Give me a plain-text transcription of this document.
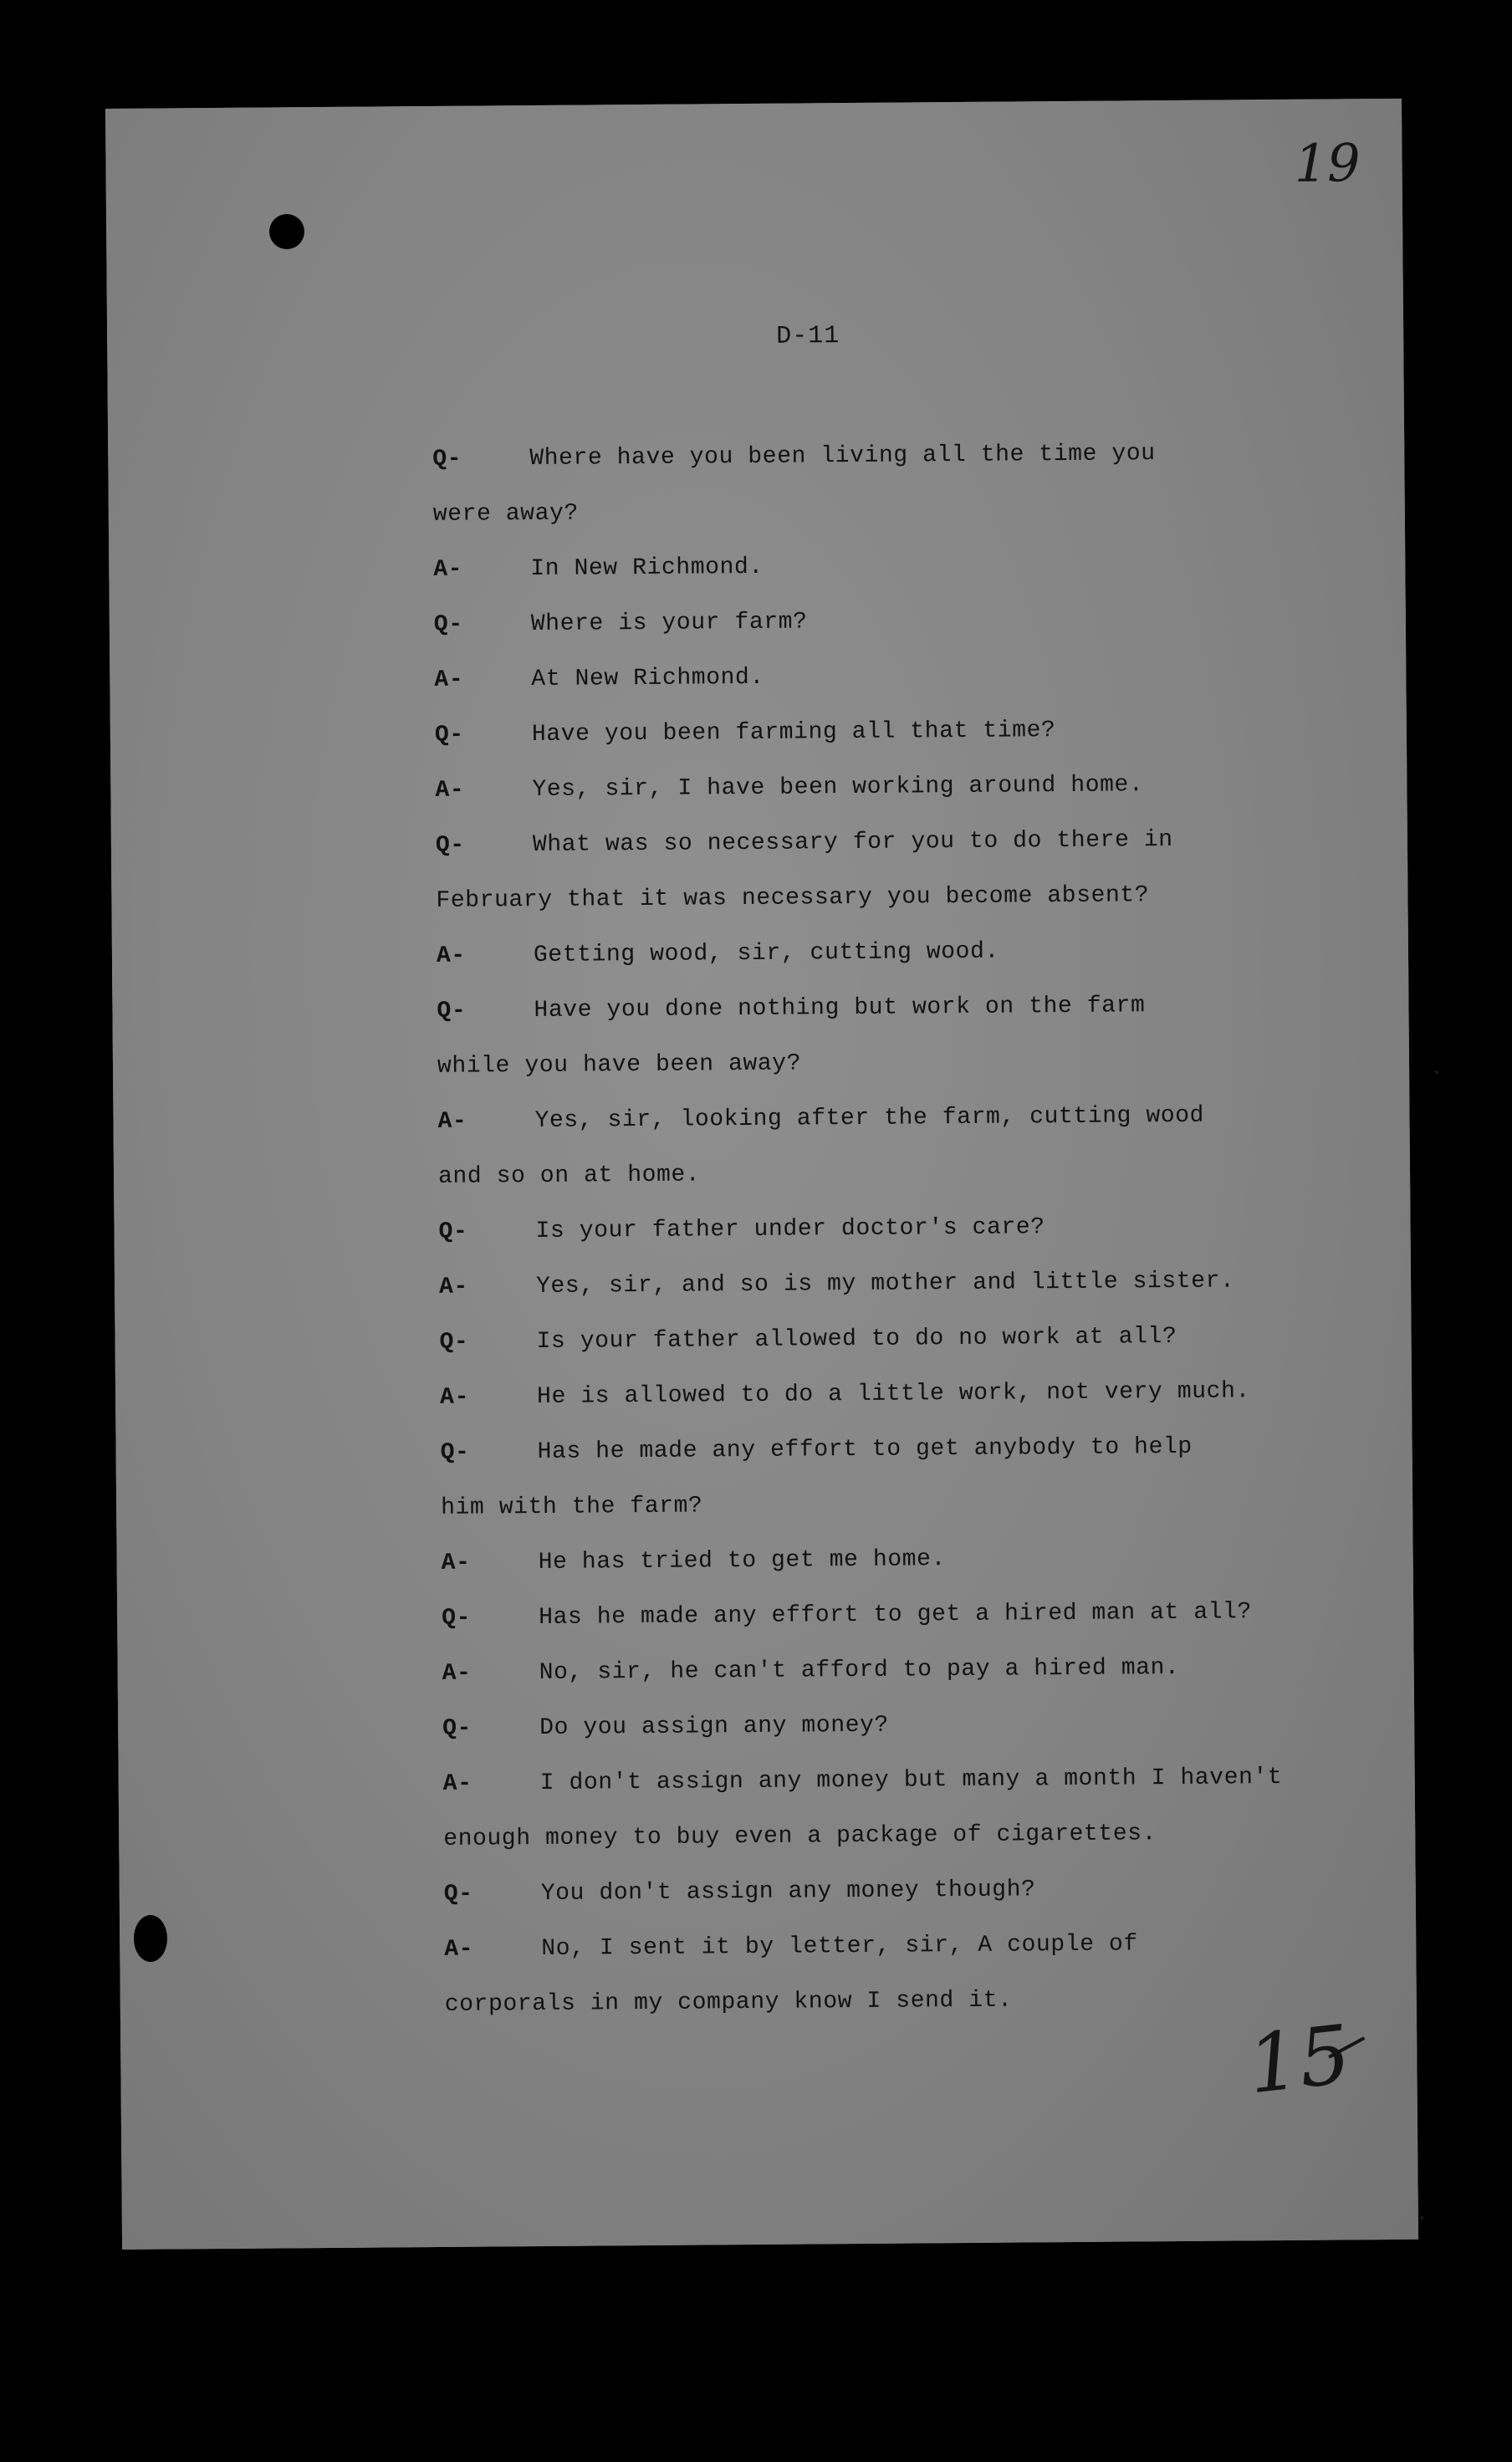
19
D-11
Q-	Where have you been living all the time you
were away?
A-	In New Richmond.
Q-	Where is your farm?
A-	At New Richmond.
Q-	Have you been farming all that time?
A-	Yes, sir, I have been working around home.
Q-	What was so necessary for you to do there in
February that it was necessary you become absent?
A-	Getting wood, sir, cutting wood.
Q-	Have you done nothing but work on the farm
while you have been away?
A-	Yes, sir, looking after the farm, cutting wood
and so on at home.
Q-	Is your father under doctor's care?
A-	Yes, sir, and so is my mother and little sister.
Q-	Is your father allowed to do no work at all?
A-	He is allowed to do a little work, not very much.
Q-	Has he made any effort to get anybody to help
him with the farm?
A-	He has tried to get me home.
Q-	Has he made any effort to get a hired man at all?
A-	No, sir, he can't afford to pay a hired man.
Q-	Do you assign any money?
A-	I don't assign any money but many a month I haven't
enough money to buy even a package of cigarettes.
Q-	You don't assign any money though?
A-	No, I sent it by letter, sir, A couple of
corporals in my company know I send it.
15
